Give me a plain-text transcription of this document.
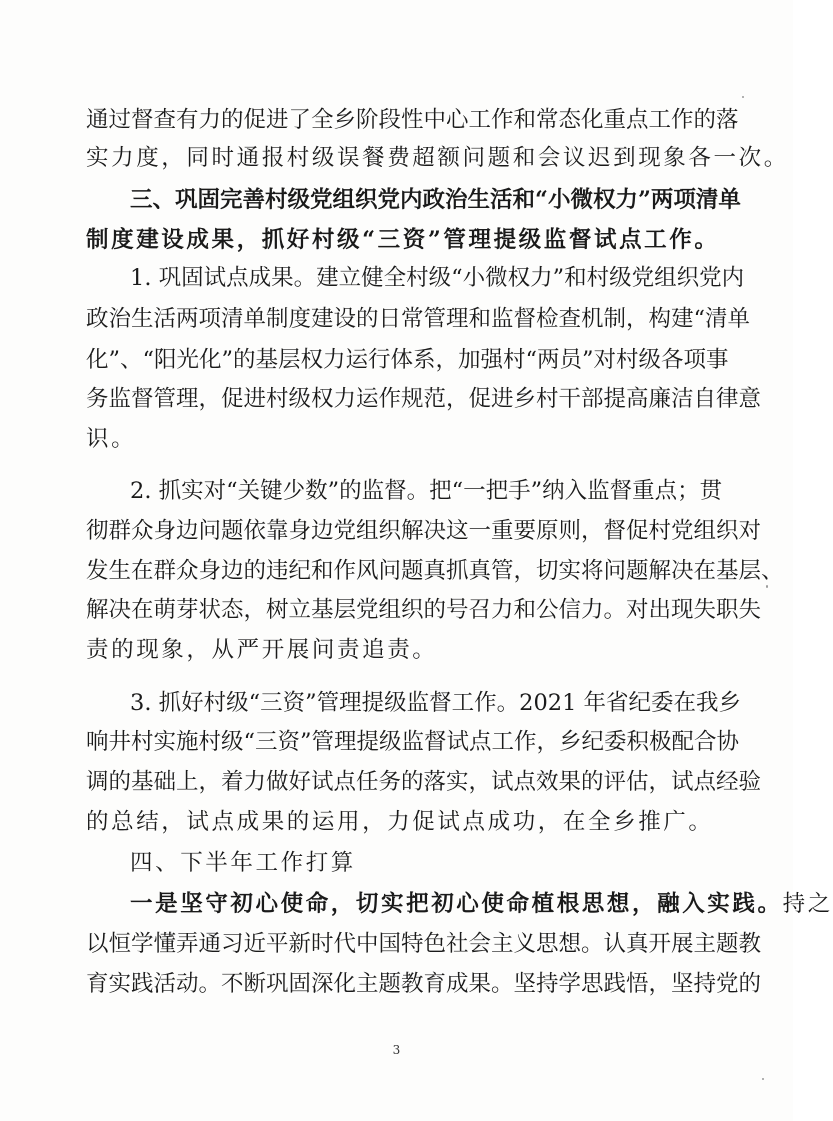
通过督查有力的促进了全乡阶段性中心工作和常态化重点工作的落
实力度，同时通报村级误餐费超额问题和会议迟到现象各一次。
三、巩固完善村级党组织党内政治生活和“小微权力”两项清单
制度建设成果，抓好村级“三资”管理提级监督试点工作。
1. 巩固试点成果。建立健全村级“小微权力”和村级党组织党内
政治生活两项清单制度建设的日常管理和监督检查机制，构建“清单
化”、“阳光化”的基层权力运行体系，加强村“两员”对村级各项事
务监督管理，促进村级权力运作规范，促进乡村干部提高廉洁自律意
识。
2. 抓实对“关键少数”的监督。把“一把手”纳入监督重点；贯
彻群众身边问题依靠身边党组织解决这一重要原则，督促村党组织对
发生在群众身边的违纪和作风问题真抓真管，切实将问题解决在基层、
解决在萌芽状态，树立基层党组织的号召力和公信力。对出现失职失
责的现象，从严开展问责追责。
3. 抓好村级“三资”管理提级监督工作。2021 年省纪委在我乡
响井村实施村级“三资”管理提级监督试点工作，乡纪委积极配合协
调的基础上，着力做好试点任务的落实，试点效果的评估，试点经验
的总结，试点成果的运用，力促试点成功，在全乡推广。
四、下半年工作打算
一是坚守初心使命，切实把初心使命植根思想，融入实践。持之
以恒学懂弄通习近平新时代中国特色社会主义思想。认真开展主题教
育实践活动。不断巩固深化主题教育成果。坚持学思践悟，坚持党的
3
